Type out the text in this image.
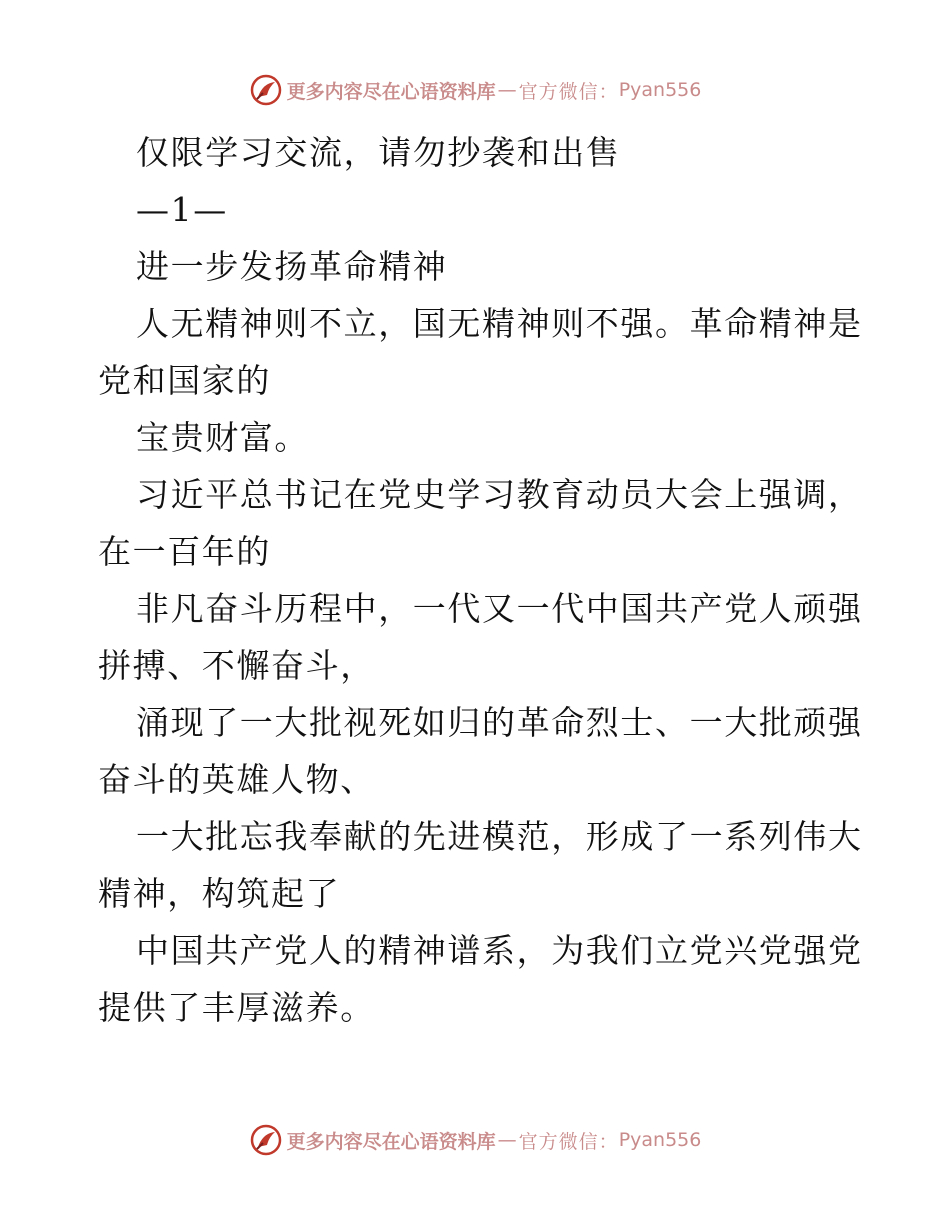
更多内容尽在心语资料库 — 官方微信： Pyan556

仅限学习交流，请勿抄袭和出售

—1—

进一步发扬革命精神

人无精神则不立，国无精神则不强。革命精神是

党和国家的

宝贵财富。

习近平总书记在党史学习教育动员大会上强调，

在一百年的

非凡奋斗历程中，一代又一代中国共产党人顽强

拼搏、不懈奋斗，

涌现了一大批视死如归的革命烈士、一大批顽强

奋斗的英雄人物、

一大批忘我奉献的先进模范，形成了一系列伟大

精神，构筑起了

中国共产党人的精神谱系，为我们立党兴党强党

提供了丰厚滋养。

更多内容尽在心语资料库 — 官方微信： Pyan556
